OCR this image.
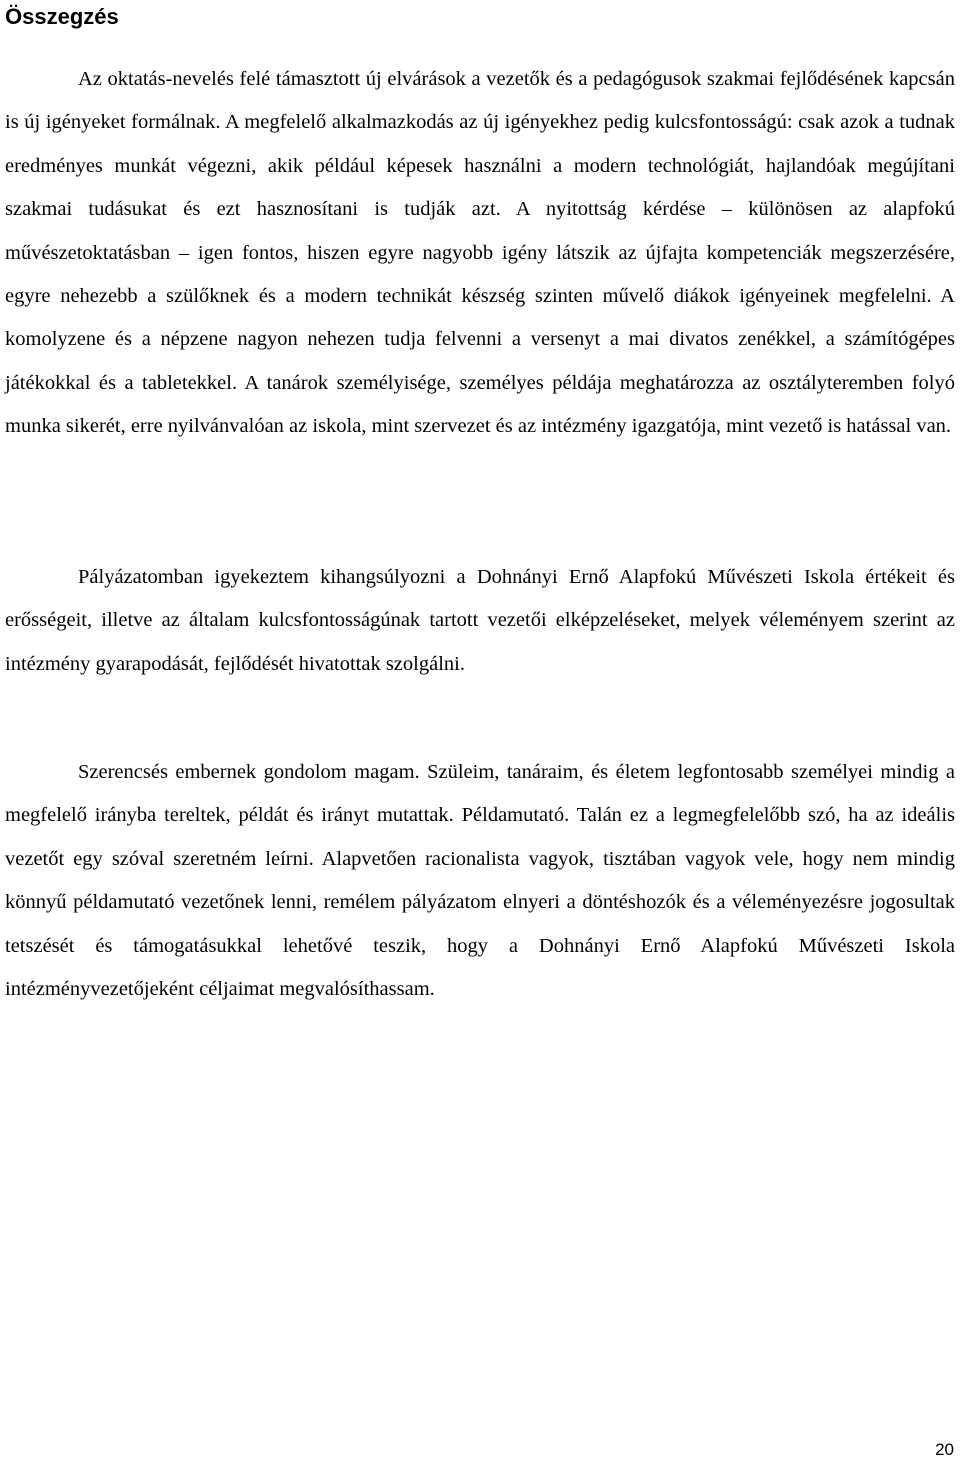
Összegzés

Az oktatás-nevelés felé támasztott új elvárások a vezetők és a pedagógusok szakmai fejlődésének kapcsán is új igényeket formálnak. A megfelelő alkalmazkodás az új igényekhez pedig kulcsfontosságú: csak azok a tudnak eredményes munkát végezni, akik például képesek használni a modern technológiát, hajlandóak megújítani szakmai tudásukat és ezt hasznosítani is tudják azt. A nyitottság kérdése – különösen az alapfokú művészetoktatásban – igen fontos, hiszen egyre nagyobb igény látszik az újfajta kompetenciák megszerzésére, egyre nehezebb a szülőknek és a modern technikát készség szinten művelő diákok igényeinek megfelelni. A komolyzene és a népzene nagyon nehezen tudja felvenni a versenyt a mai divatos zenékkel, a számítógépes játékokkal és a tabletekkel. A tanárok személyisége, személyes példája meghatározza az osztályteremben folyó munka sikerét, erre nyilvánvalóan az iskola, mint szervezet és az intézmény igazgatója, mint vezető is hatással van.

Pályázatomban igyekeztem kihangsúlyozni a Dohnányi Ernő Alapfokú Művészeti Iskola értékeit és erősségeit, illetve az általam kulcsfontosságúnak tartott vezetői elképzeléseket, melyek véleményem szerint az intézmény gyarapodását, fejlődését hivatottak szolgálni.

Szerencsés embernek gondolom magam. Szüleim, tanáraim, és életem legfontosabb személyei mindig a megfelelő irányba tereltek, példát és irányt mutattak. Példamutató. Talán ez a legmegfelelőbb szó, ha az ideális vezetőt egy szóval szeretném leírni. Alapvetően racionalista vagyok, tisztában vagyok vele, hogy nem mindig könnyű példamutató vezetőnek lenni, remélem pályázatom elnyeri a döntéshozók és a véleményezésre jogosultak tetszését és támogatásukkal lehetővé teszik, hogy a Dohnányi Ernő Alapfokú Művészeti Iskola intézményvezetőjeként céljaimat megvalósíthassam.

20
